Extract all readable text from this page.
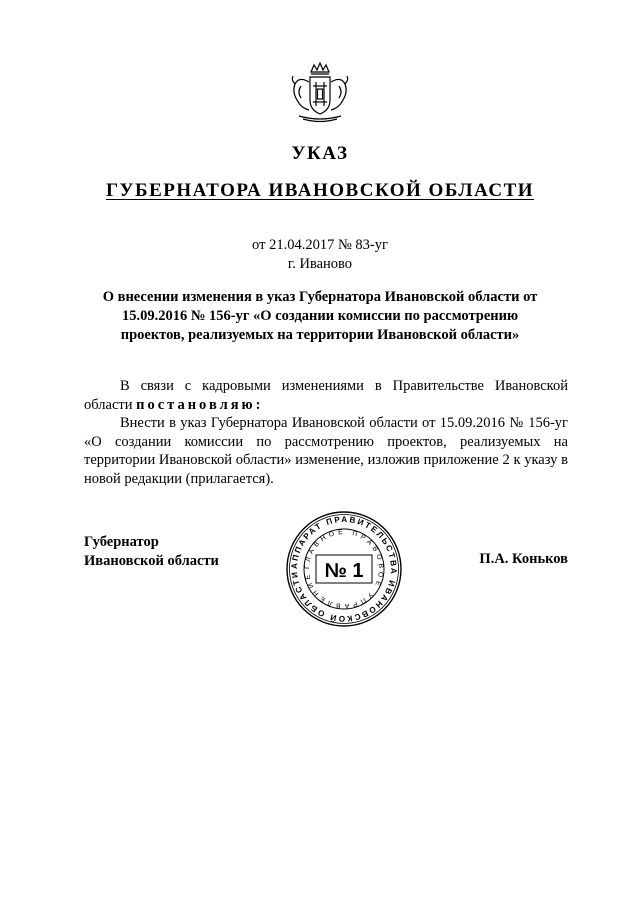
УКАЗ
ГУБЕРНАТОРА ИВАНОВСКОЙ ОБЛАСТИ
от 21.04.2017 № 83-уг
г. Иваново
О внесении изменения в указ Губернатора Ивановской области от 15.09.2016 № 156-уг «О создании комиссии по рассмотрению проектов, реализуемых на территории Ивановской области»

В связи с кадровыми изменениями в Правительстве Ивановской области постановляю:

Внести в указ Губернатора Ивановской области от 15.09.2016 № 156-уг «О создании комиссии по рассмотрению проектов, реализуемых на территории Ивановской области» изменение, изложив приложение 2 к указу в новой редакции (прилагается).

Губернатор
Ивановской области	АППАРАТ ПРАВИТЕЛЬСТВА ИВАНОВСКОЙ ОБЛАСТИ
ГЛАВНОЕ ПРАВОВОЕ УПРАВЛЕНИЕ № 1
П.А. Коньков
